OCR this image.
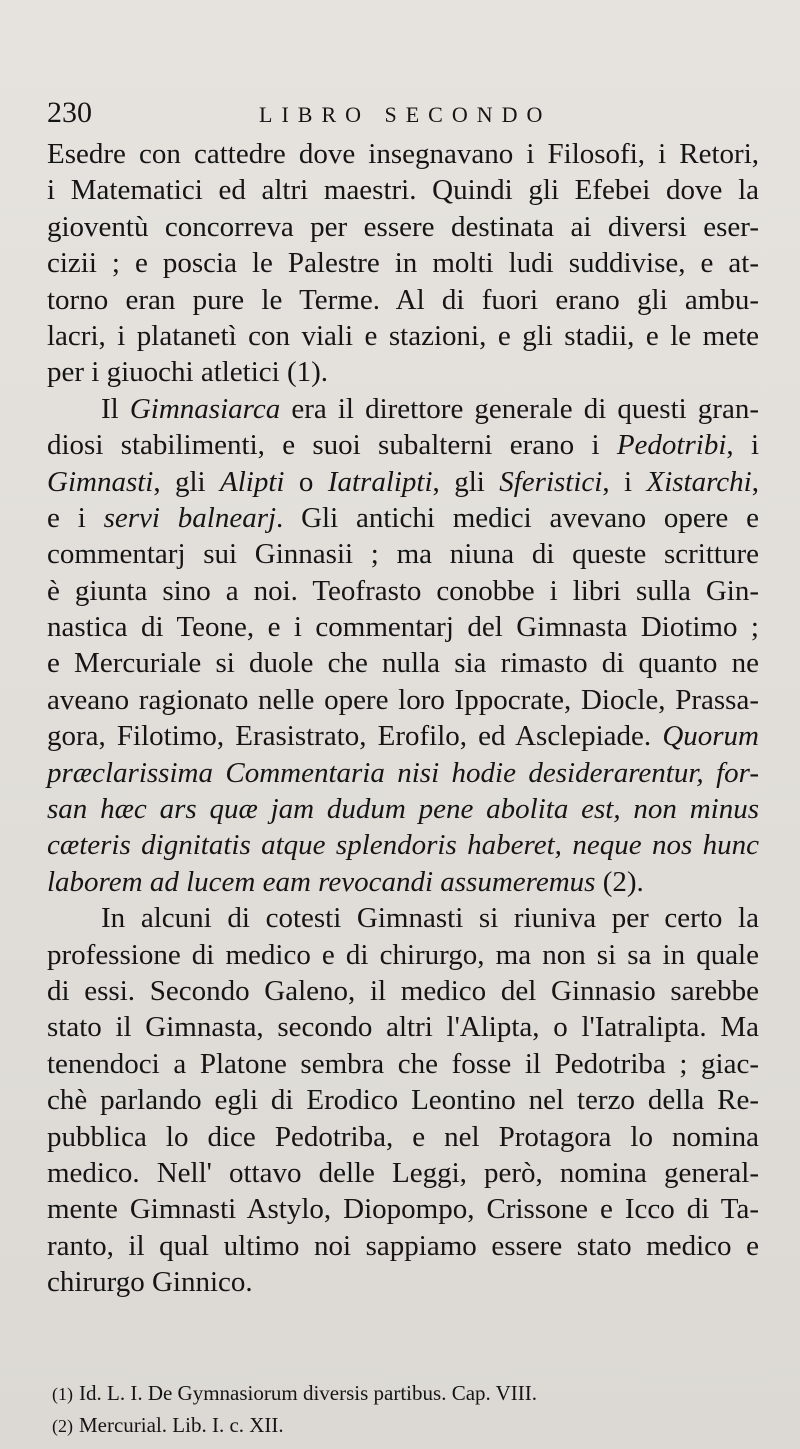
230	LIBRO SECONDO
Esedre con cattedre dove insegnavano i Filosofi, i Retori,
i Matematici ed altri maestri. Quindi gli Efebei dove la
gioventù concorreva per essere destinata ai diversi eser-
cizii ; e poscia le Palestre in molti ludi suddivise, e at-
torno eran pure le Terme. Al di fuori erano gli ambu-
lacri, i platanetì con viali e stazioni, e gli stadii, e le mete
per i giuochi atletici (1).
Il Gimnasiarca era il direttore generale di questi gran-
diosi stabilimenti, e suoi subalterni erano i Pedotribi, i
Gimnasti, gli Alipti o Iatralipti, gli Sferistici, i Xistarchi,
e i servi balnearj. Gli antichi medici avevano opere e
commentarj sui Ginnasii ; ma niuna di queste scritture
è giunta sino a noi. Teofrasto conobbe i libri sulla Gin-
nastica di Teone, e i commentarj del Gimnasta Diotimo ;
e Mercuriale si duole che nulla sia rimasto di quanto ne
aveano ragionato nelle opere loro Ippocrate, Diocle, Prassa-
gora, Filotimo, Erasistrato, Erofilo, ed Asclepiade. Quorum
præclarissima Commentaria nisi hodie desiderarentur, for-
san hæc ars quæ jam dudum pene abolita est, non minus
cæteris dignitatis atque splendoris haberet, neque nos hunc
laborem ad lucem eam revocandi assumeremus (2).
In alcuni di cotesti Gimnasti si riuniva per certo la
professione di medico e di chirurgo, ma non si sa in quale
di essi. Secondo Galeno, il medico del Ginnasio sarebbe
stato il Gimnasta, secondo altri l'Alipta, o l'Iatralipta. Ma
tenendoci a Platone sembra che fosse il Pedotriba ; giac-
chè parlando egli di Erodico Leontino nel terzo della Re-
pubblica lo dice Pedotriba, e nel Protagora lo nomina
medico. Nell' ottavo delle Leggi, però, nomina general-
mente Gimnasti Astylo, Diopompo, Crissone e Icco di Ta-
ranto, il qual ultimo noi sappiamo essere stato medico e
chirurgo Ginnico.
(1) Id. L. I. De Gymnasiorum diversis partibus. Cap. VIII.
(2) Mercurial. Lib. I. c. XII.
